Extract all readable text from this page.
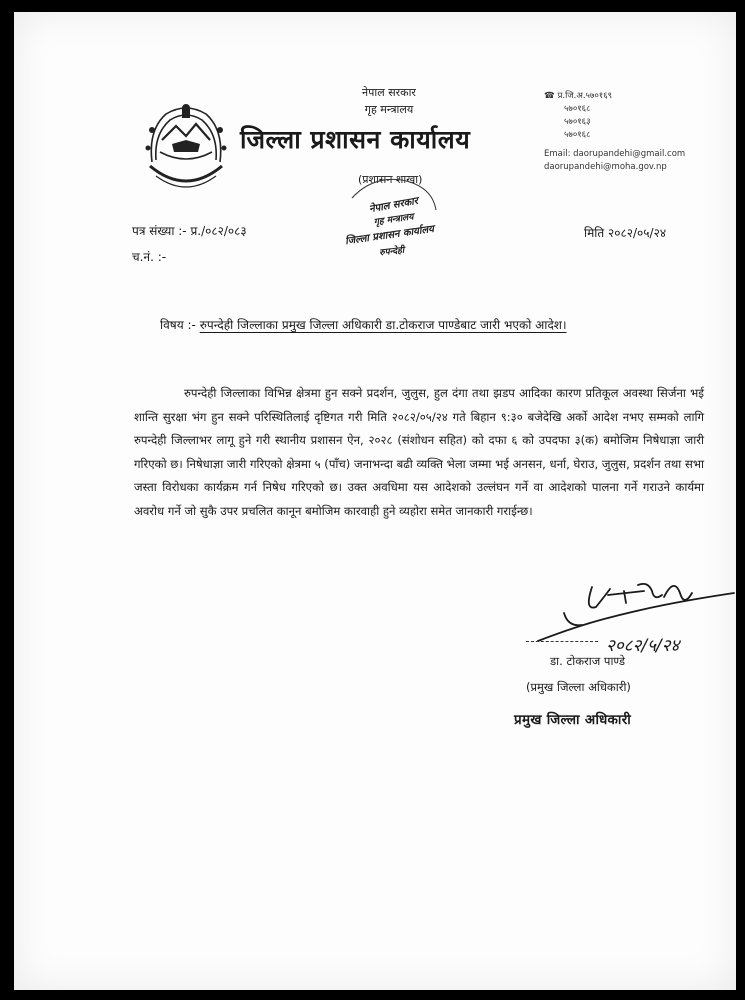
नेपाल सरकार
गृह मन्त्रालय
जिल्ला प्रशासन कार्यालय
(प्रशासन शाखा)
नेपाल सरकार
गृह मन्त्रालय
जिल्ला प्रशासन कार्यालय
रुपन्देही
☎ प्र.जि.अ.५७०१६९
५७०१६८
५७०१६३
५७०१६८
Email: daorupandehi@gmail.com
daorupandehi@moha.gov.np
पत्र संख्या :- प्र./०८२/०८३
च.नं. :-
मिति २०८२/०५/२४
विषय :- रुपन्देही जिल्लाका प्रमुख जिल्ला अधिकारी डा.टोकराज पाण्डेबाट जारी भएको आदेश।
रुपन्देही जिल्लाका विभिन्न क्षेत्रमा हुन सक्ने प्रदर्शन, जुलुस, हुल दंगा तथा झडप आदिका कारण प्रतिकूल अवस्था सिर्जना भई शान्ति सुरक्षा भंग हुन सक्ने परिस्थितिलाई दृष्टिगत गरी मिति २०८२/०५/२४ गते बिहान ९:३० बजेदेखि अर्को आदेश नभए सम्मको लागि रुपन्देही जिल्लाभर लागू हुने गरी स्थानीय प्रशासन ऐन, २०२८ (संशोधन सहित) को दफा ६ को उपदफा ३(क) बमोजिम निषेधाज्ञा जारी गरिएको छ। निषेधाज्ञा जारी गरिएको क्षेत्रमा ५ (पाँच) जनाभन्दा बढी व्यक्ति भेला जम्मा भई अनसन, धर्ना, घेराउ, जुलुस, प्रदर्शन तथा सभा जस्ता विरोधका कार्यक्रम गर्न निषेध गरिएको छ। उक्त अवधिमा यस आदेशको उल्लंघन गर्ने वा आदेशको पालना गर्ने गराउने कार्यमा अवरोध गर्ने जो सुकै उपर प्रचलित कानून बमोजिम कारवाही हुने व्यहोरा समेत जानकारी गराईन्छ।
२०८२/५/२४
डा. टोकराज पाण्डे
(प्रमुख जिल्ला अधिकारी)
प्रमुख जिल्ला अधिकारी
